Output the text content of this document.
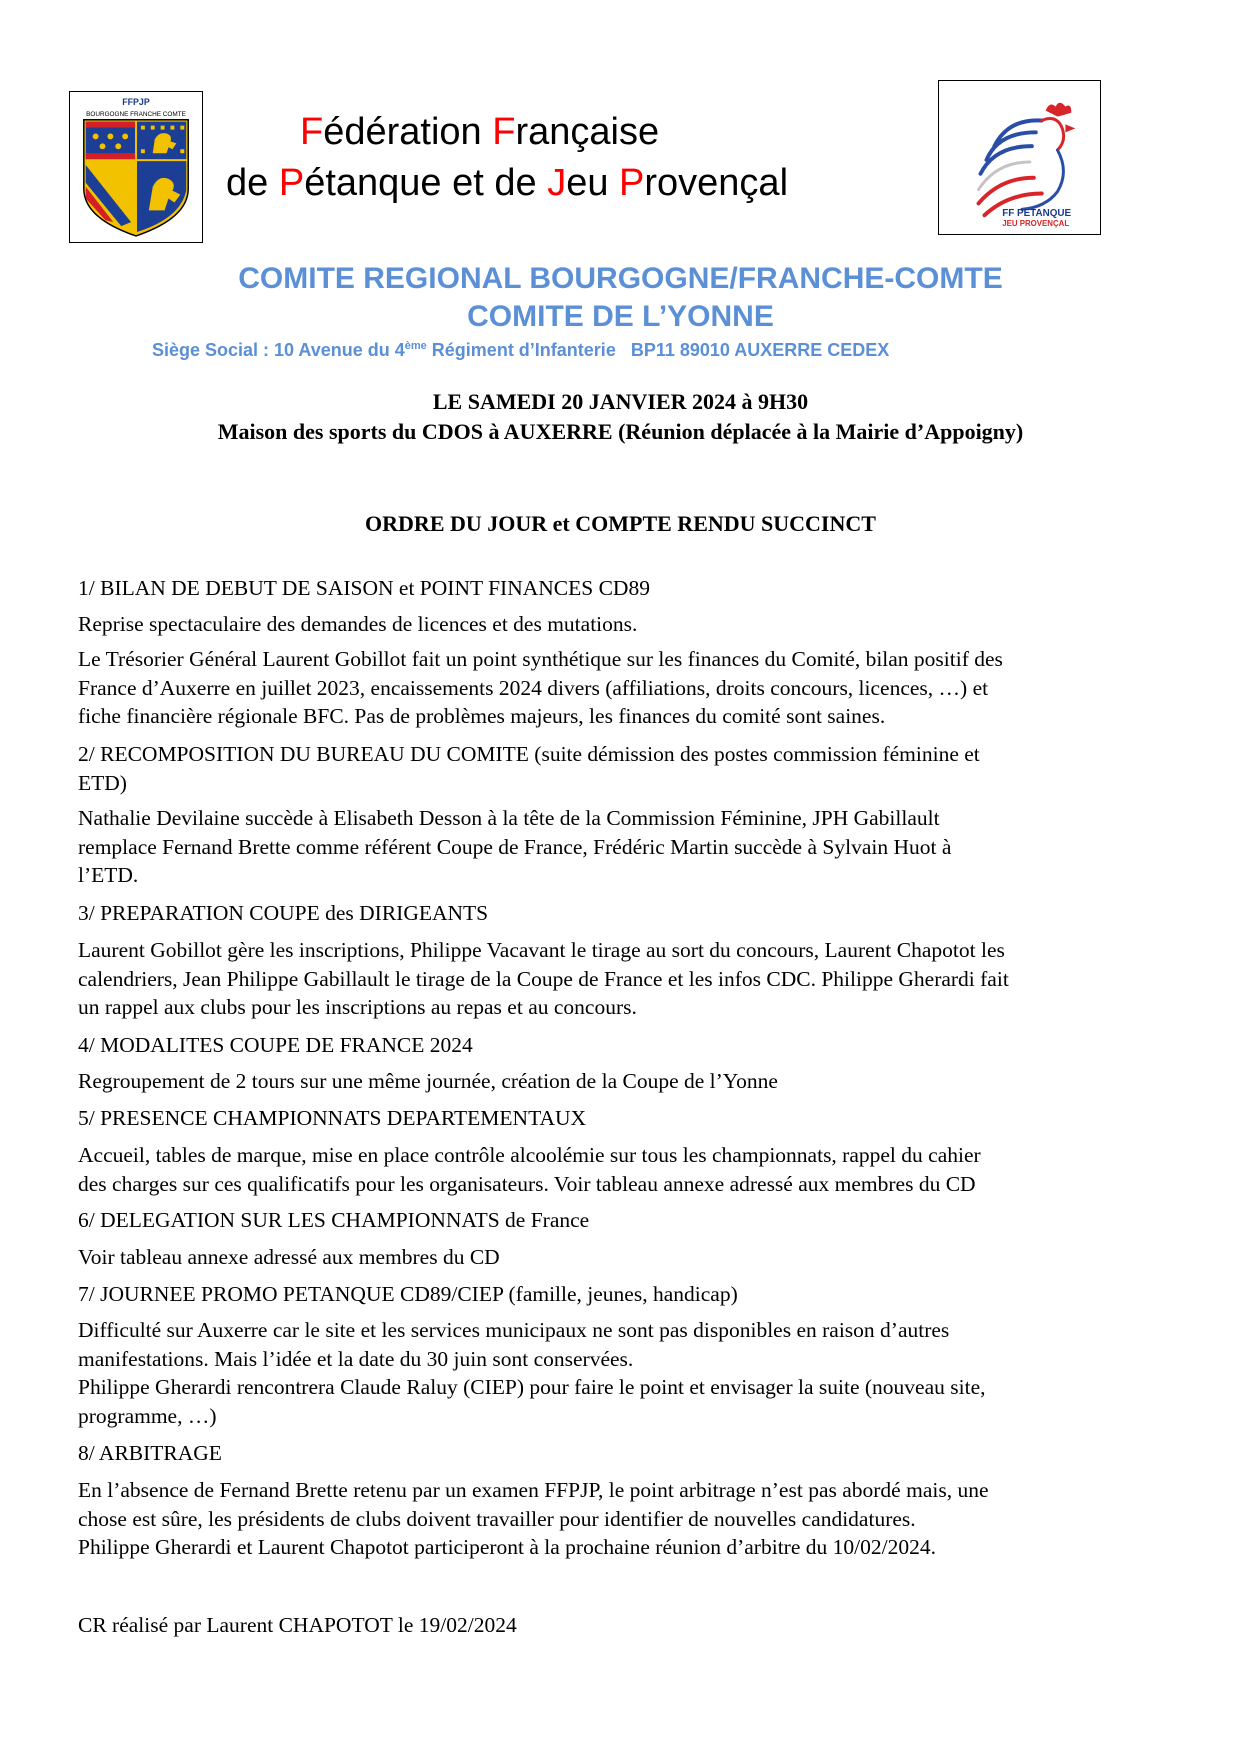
FFPJP
BOURGOGNE FRANCHE COMTE	Fédération Française
de Pétanque et de Jeu Provençal
FF PETANQUE
JEU PROVENÇAL
COMITE REGIONAL BOURGOGNE/FRANCHE-COMTE
COMITE DE L’YONNE
Siège Social : 10 Avenue du 4ème Régiment d’Infanterie   BP11 89010 AUXERRE CEDEX
LE SAMEDI 20 JANVIER 2024 à 9H30
Maison des sports du CDOS à AUXERRE (Réunion déplacée à la Mairie d’Appoigny)
ORDRE DU JOUR et COMPTE RENDU SUCCINCT
1/ BILAN DE DEBUT DE SAISON et POINT FINANCES CD89
Reprise spectaculaire des demandes de licences et des mutations.
Le Trésorier Général Laurent Gobillot fait un point synthétique sur les finances du Comité, bilan positif des
France d’Auxerre en juillet 2023, encaissements 2024 divers (affiliations, droits concours, licences, …) et
fiche financière régionale BFC. Pas de problèmes majeurs, les finances du comité sont saines.
2/ RECOMPOSITION DU BUREAU DU COMITE (suite démission des postes commission féminine et
ETD)
Nathalie Devilaine succède à Elisabeth Desson à la tête de la Commission Féminine, JPH Gabillault
remplace Fernand Brette comme référent Coupe de France, Frédéric Martin succède à Sylvain Huot à
l’ETD.
3/ PREPARATION COUPE des DIRIGEANTS
Laurent Gobillot gère les inscriptions, Philippe Vacavant le tirage au sort du concours, Laurent Chapotot les
calendriers, Jean Philippe Gabillault le tirage de la Coupe de France et les infos CDC. Philippe Gherardi fait
un rappel aux clubs pour les inscriptions au repas et au concours.
4/ MODALITES COUPE DE FRANCE 2024
Regroupement de 2 tours sur une même journée, création de la Coupe de l’Yonne
5/ PRESENCE CHAMPIONNATS DEPARTEMENTAUX
Accueil, tables de marque, mise en place contrôle alcoolémie sur tous les championnats, rappel du cahier
des charges sur ces qualificatifs pour les organisateurs. Voir tableau annexe adressé aux membres du CD
6/ DELEGATION SUR LES CHAMPIONNATS de France
Voir tableau annexe adressé aux membres du CD
7/ JOURNEE PROMO PETANQUE CD89/CIEP (famille, jeunes, handicap)
Difficulté sur Auxerre car le site et les services municipaux ne sont pas disponibles en raison d’autres
manifestations. Mais l’idée et la date du 30 juin sont conservées.
Philippe Gherardi rencontrera Claude Raluy (CIEP) pour faire le point et envisager la suite (nouveau site,
programme, …)
8/ ARBITRAGE
En l’absence de Fernand Brette retenu par un examen FFPJP, le point arbitrage n’est pas abordé mais, une
chose est sûre, les présidents de clubs doivent travailler pour identifier de nouvelles candidatures.
Philippe Gherardi et Laurent Chapotot participeront à la prochaine réunion d’arbitre du 10/02/2024.
CR réalisé par Laurent CHAPOTOT le 19/02/2024
